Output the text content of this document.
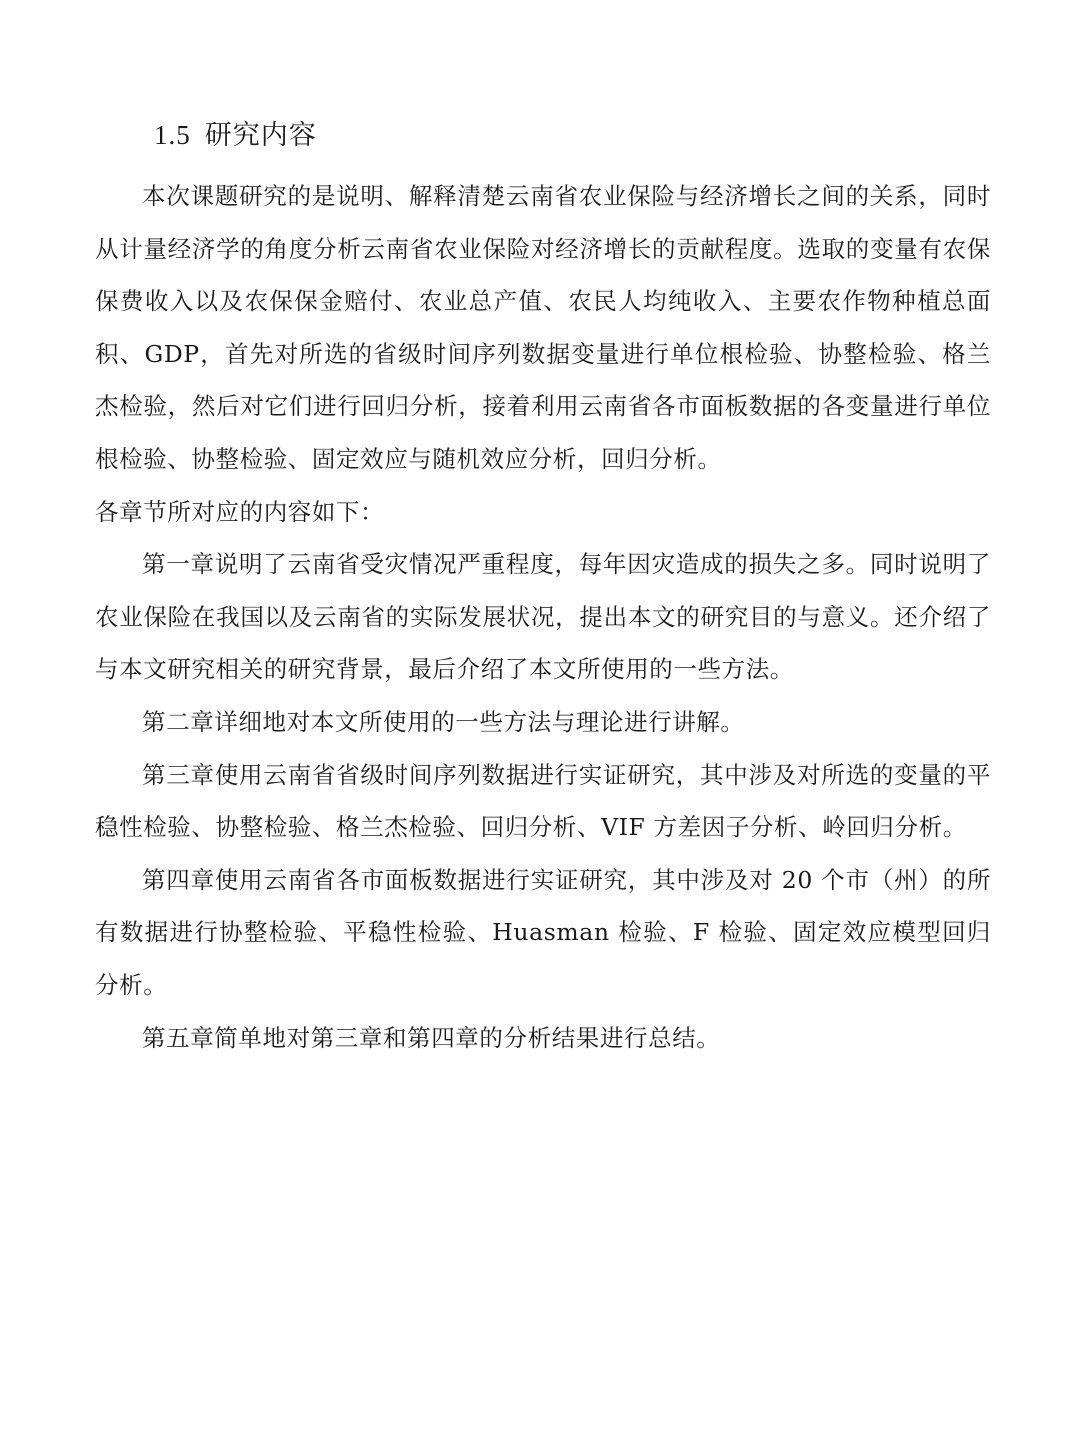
1.5 研究内容

本次课题研究的是说明、解释清楚云南省农业保险与经济增长之间的关系，同时从计量经济学的角度分析云南省农业保险对经济增长的贡献程度。选取的变量有农保保费收入以及农保保金赔付、农业总产值、农民人均纯收入、主要农作物种植总面积、GDP，首先对所选的省级时间序列数据变量进行单位根检验、协整检验、格兰杰检验，然后对它们进行回归分析，接着利用云南省各市面板数据的各变量进行单位根检验、协整检验、固定效应与随机效应分析，回归分析。

各章节所对应的内容如下：

第一章说明了云南省受灾情况严重程度，每年因灾造成的损失之多。同时说明了农业保险在我国以及云南省的实际发展状况，提出本文的研究目的与意义。还介绍了与本文研究相关的研究背景，最后介绍了本文所使用的一些方法。

第二章详细地对本文所使用的一些方法与理论进行讲解。

第三章使用云南省省级时间序列数据进行实证研究，其中涉及对所选的变量的平稳性检验、协整检验、格兰杰检验、回归分析、VIF 方差因子分析、岭回归分析。

第四章使用云南省各市面板数据进行实证研究，其中涉及对 20 个市（州）的所有数据进行协整检验、平稳性检验、Huasman 检验、F 检验、固定效应模型回归分析。

第五章简单地对第三章和第四章的分析结果进行总结。
